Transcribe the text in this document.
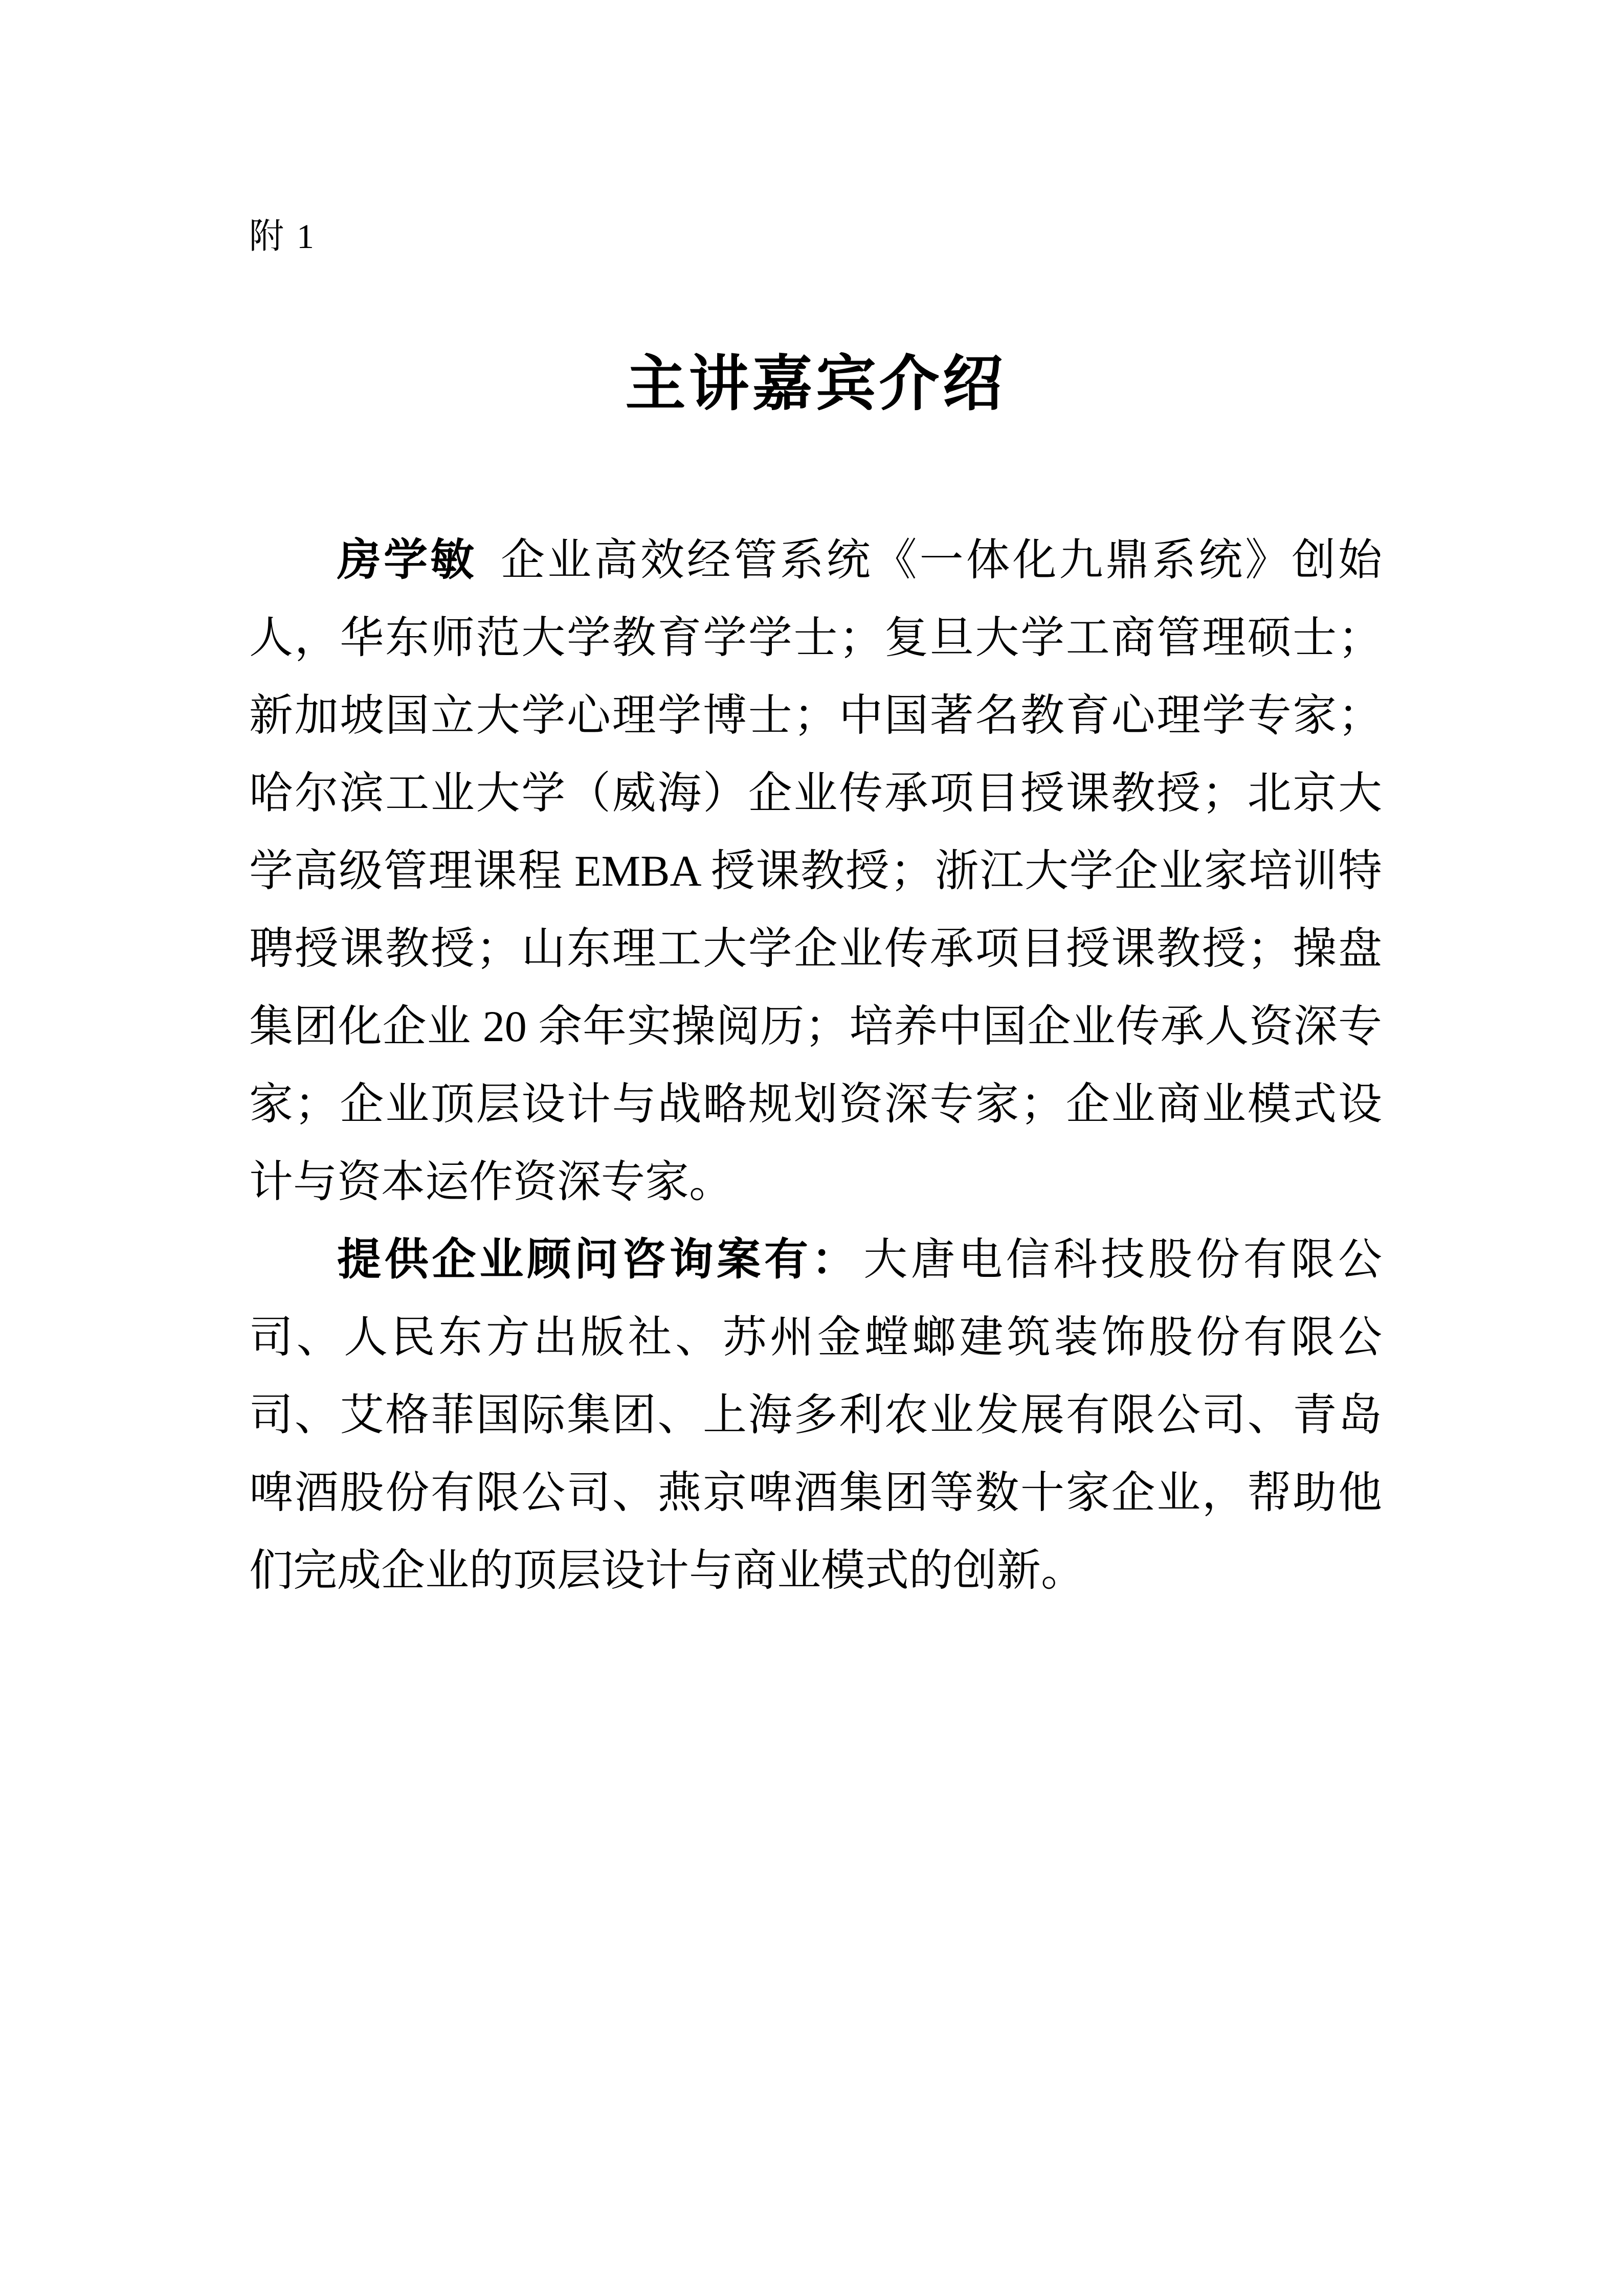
附 1
主讲嘉宾介绍

房学敏 企业高效经管系统《一体化九鼎系统》创始人，华东师范大学教育学学士；复旦大学工商管理硕士；新加坡国立大学心理学博士；中国著名教育心理学专家；哈尔滨工业大学（威海）企业传承项目授课教授；北京大学高级管理课程 EMBA 授课教授；浙江大学企业家培训特聘授课教授；山东理工大学企业传承项目授课教授；操盘集团化企业 20 余年实操阅历；培养中国企业传承人资深专家；企业顶层设计与战略规划资深专家；企业商业模式设计与资本运作资深专家。

提供企业顾问咨询案有：大唐电信科技股份有限公司、人民东方出版社、苏州金螳螂建筑装饰股份有限公司、艾格菲国际集团、上海多利农业发展有限公司、青岛啤酒股份有限公司、燕京啤酒集团等数十家企业，帮助他们完成企业的顶层设计与商业模式的创新。
